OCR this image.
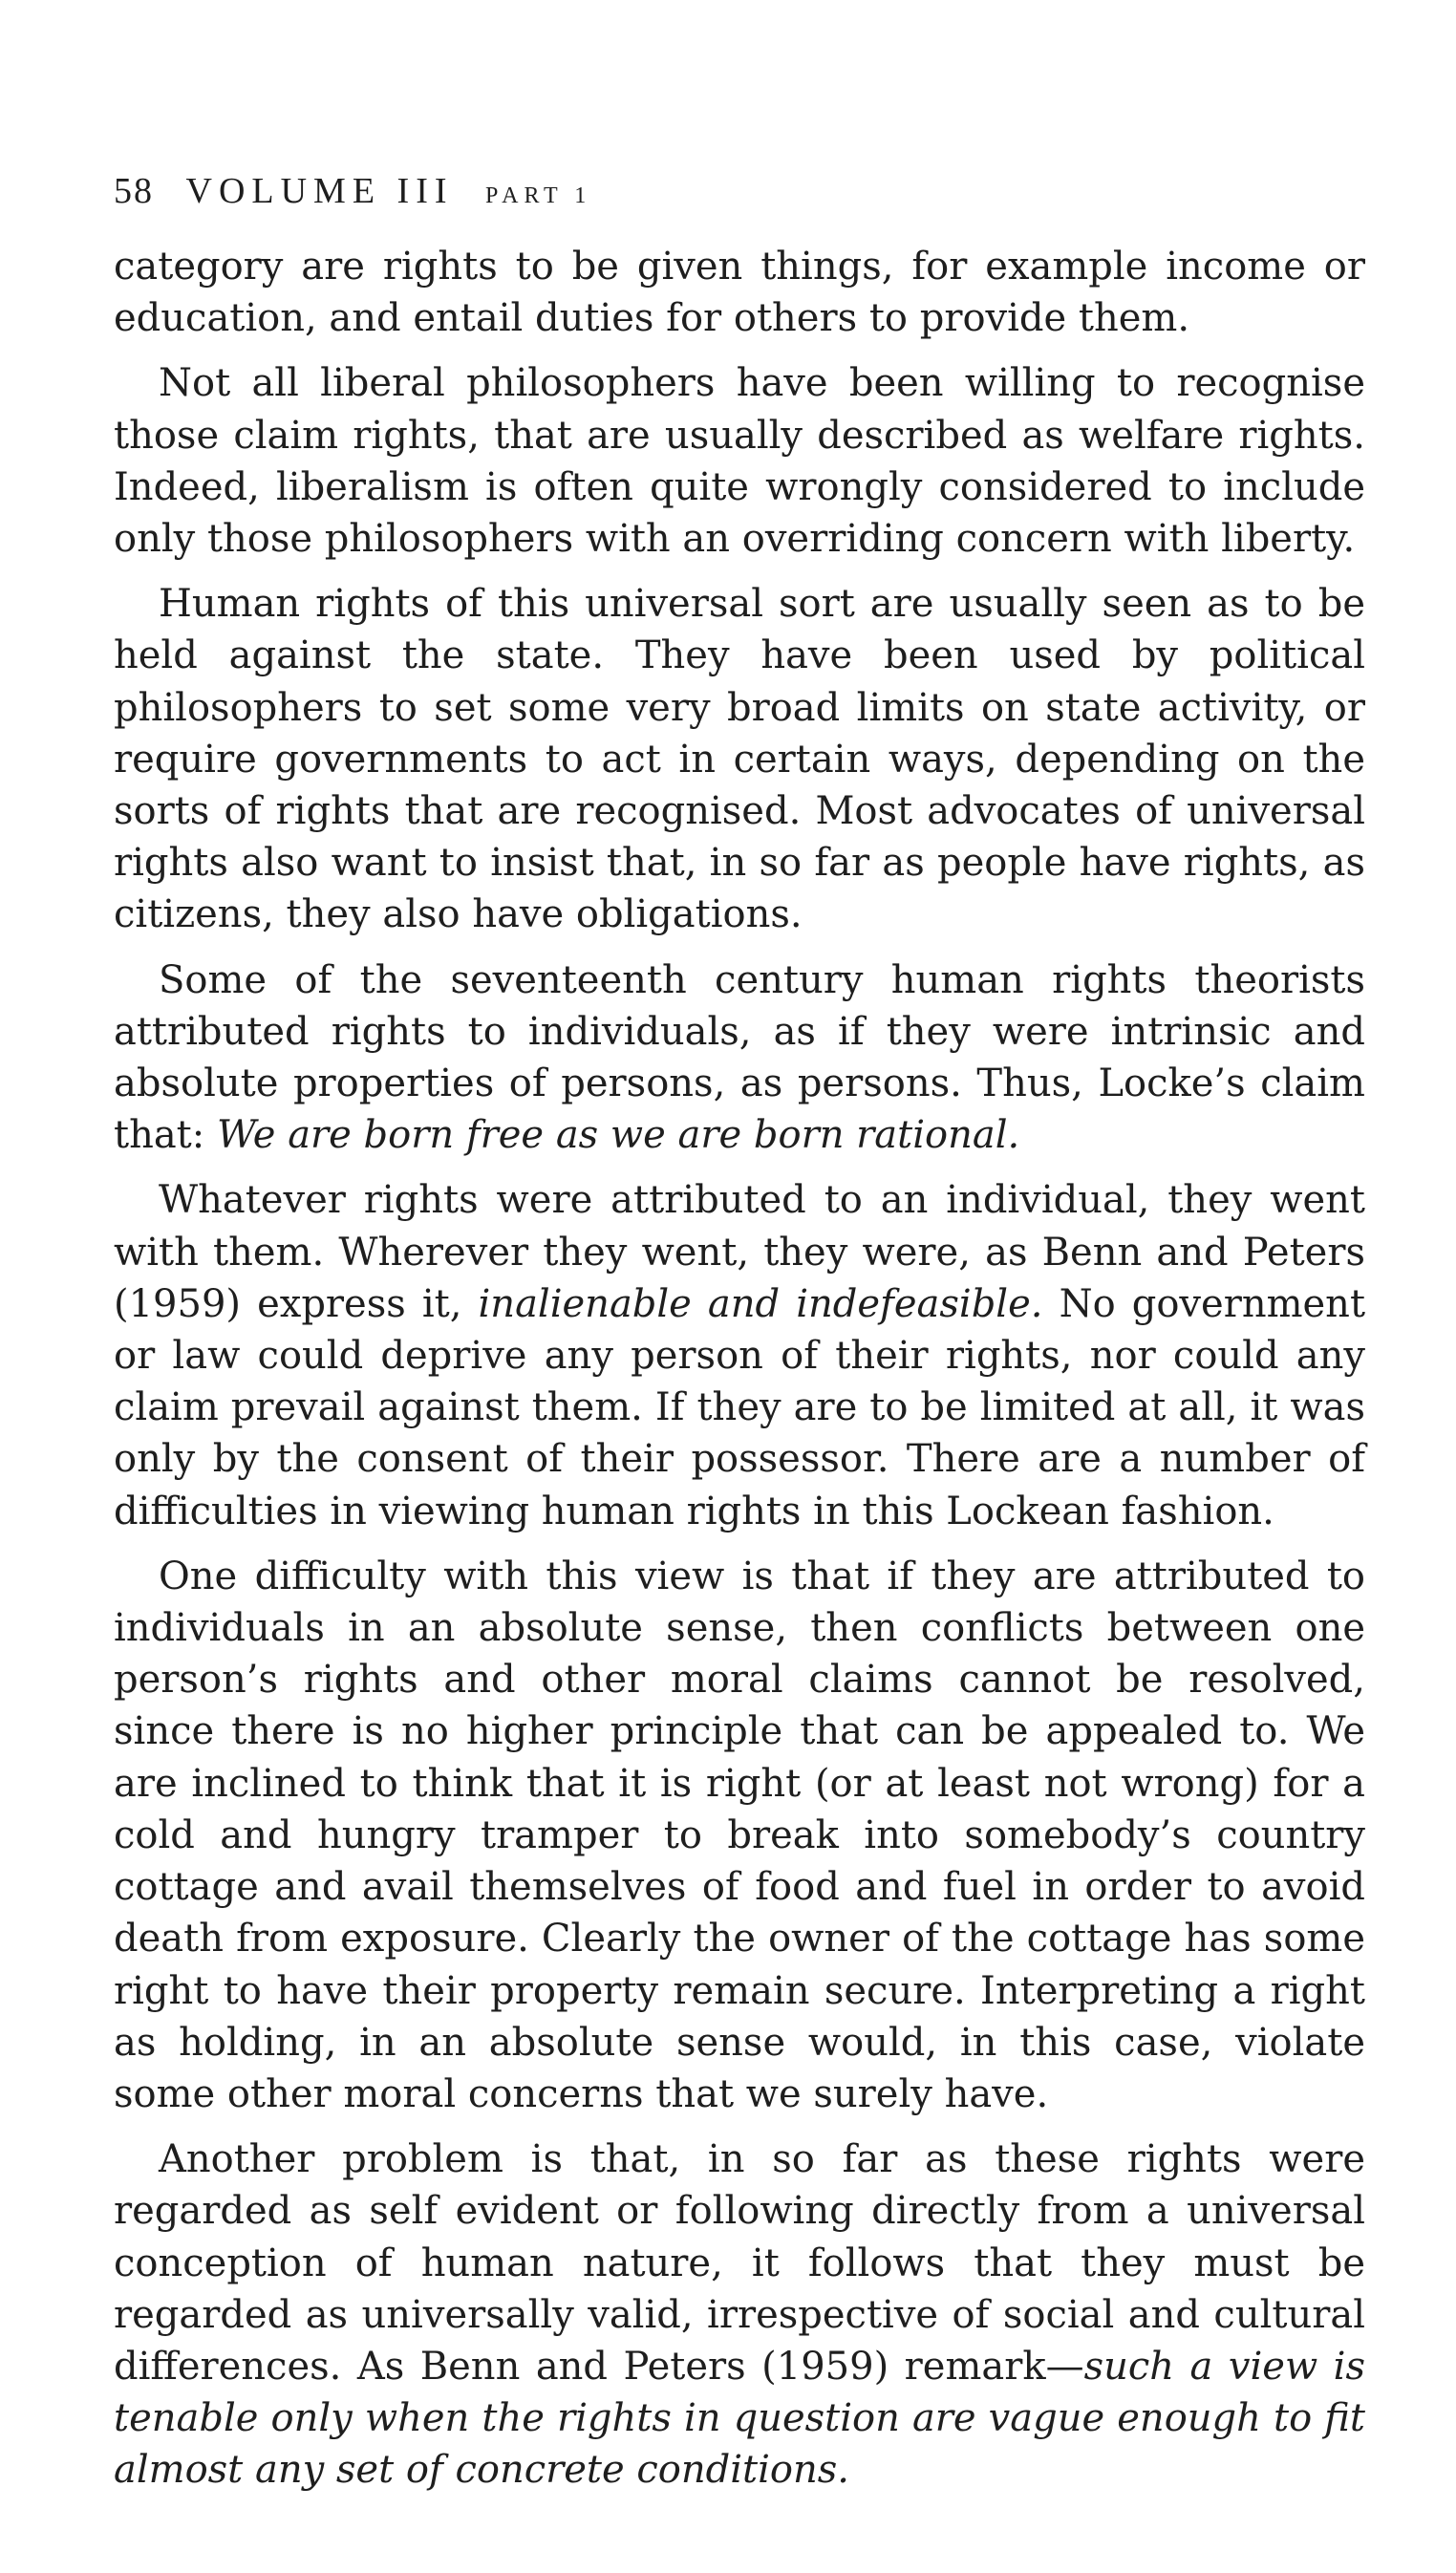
58 VOLUME III PART 1

category are rights to be given things, for example income or education, and entail duties for others to provide them.

Not all liberal philosophers have been willing to recognise those claim rights, that are usually described as welfare rights. Indeed, liberalism is often quite wrongly considered to include only those philosophers with an overriding concern with liberty.

Human rights of this universal sort are usually seen as to be held against the state. They have been used by political philosophers to set some very broad limits on state activity, or require governments to act in certain ways, depending on the sorts of rights that are recognised. Most advocates of universal rights also want to insist that, in so far as people have rights, as citizens, they also have obligations.

Some of the seventeenth century human rights theorists attributed rights to individuals, as if they were intrinsic and absolute properties of persons, as persons. Thus, Locke’s claim that: We are born free as we are born rational.

Whatever rights were attributed to an individual, they went with them. Wherever they went, they were, as Benn and Peters (1959) express it, inalienable and indefeasible. No government or law could deprive any person of their rights, nor could any claim prevail against them. If they are to be limited at all, it was only by the consent of their possessor. There are a number of difficulties in viewing human rights in this Lockean fashion.

One difficulty with this view is that if they are attributed to individuals in an absolute sense, then conflicts between one person’s rights and other moral claims cannot be resolved, since there is no higher principle that can be appealed to. We are inclined to think that it is right (or at least not wrong) for a cold and hungry tramper to break into somebody’s country cottage and avail themselves of food and fuel in order to avoid death from exposure. Clearly the owner of the cottage has some right to have their property remain secure. Interpreting a right as holding, in an absolute sense would, in this case, violate some other moral concerns that we surely have.

Another problem is that, in so far as these rights were regarded as self evident or following directly from a universal conception of human nature, it follows that they must be regarded as universally valid, irrespective of social and cultural differences. As Benn and Peters (1959) remark—such a view is tenable only when the rights in question are vague enough to fit almost any set of concrete conditions.
